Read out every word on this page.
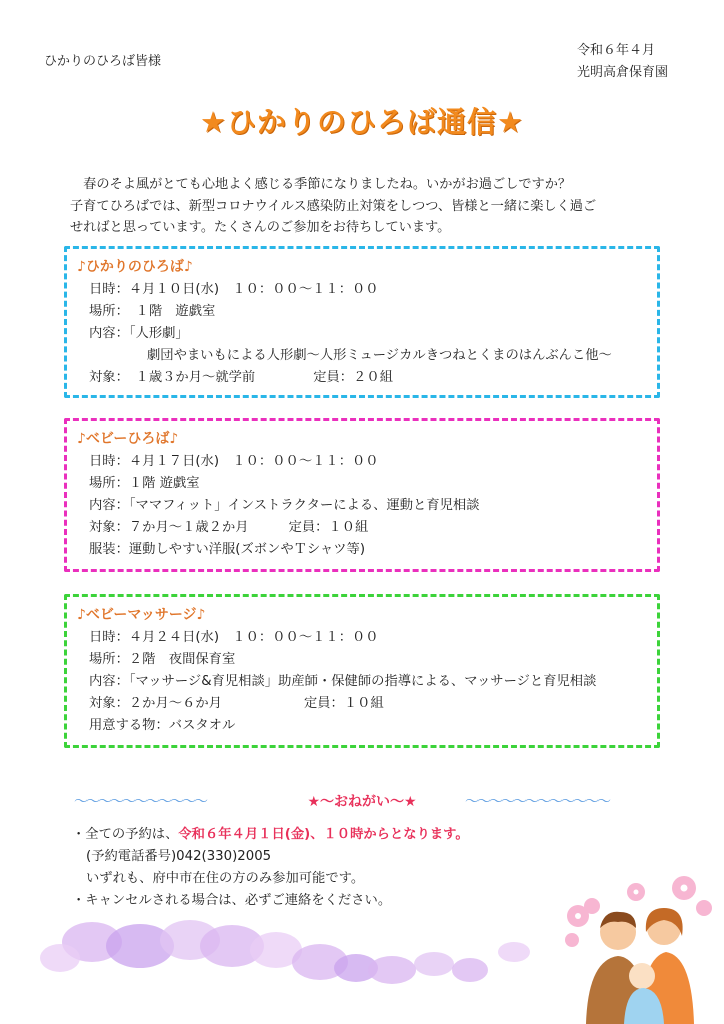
ひかりのひろば皆様
令和６年４月
光明高倉保育園
★ひかりのひろば通信★
　春のそよ風がとても心地よく感じる季節になりましたね。いかがお過ごしですか？
子育てひろばでは、新型コロナウイルス感染防止対策をしつつ、皆様と一緒に楽しく過ご
せればと思っています。たくさんのご参加をお待ちしています。
♪ひかりのひろば♪
日時：４月１０日(水)　１０：００～１１：００
場所：　１階　遊戯室
内容：「人形劇」
劇団やまいもによる人形劇～人形ミュージカルきつねとくまのはんぶんこ他～
対象：　１歳３か月～就学前	定員：２０組
♪ベビーひろば♪
日時：４月１７日(水)　１０：００～１１：００
場所：１階 遊戯室
内容：「ママフィット」インストラクターによる、運動と育児相談
対象：７か月～１歳２か月	定員：１０組
服装：運動しやすい洋服(ズボンやＴシャツ等)
♪ベビーマッサージ♪
日時：４月２４日(水)　１０：００～１１：００
場所：２階　夜間保育室
内容：「マッサージ&育児相談」助産師・保健師の指導による、マッサージと育児相談
対象：２か月～６か月	定員：１０組
用意する物：バスタオル
～～～～～～～～～～～	★～おねがい～★	～～～～～～～～～～～～
・全ての予約は、令和６年４月１日(金)、１０時からとなります。
(予約電話番号)042(330)2005
いずれも、府中市在住の方のみ参加可能です。
・キャンセルされる場合は、必ずご連絡をください。
